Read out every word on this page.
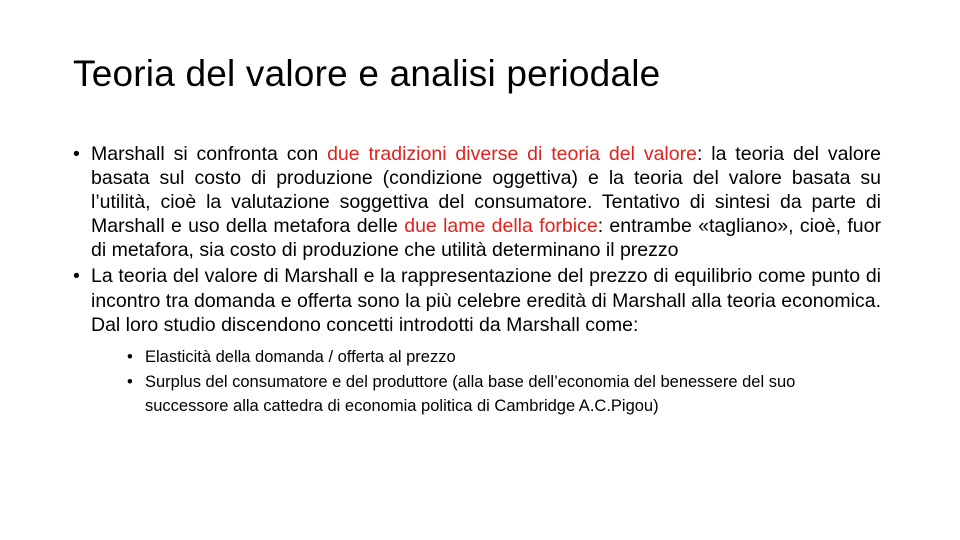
Teoria del valore e analisi periodale
• Marshall si confronta con due tradizioni diverse di teoria del valore: la teoria del valore basata sul costo di produzione (condizione oggettiva) e la teoria del valore basata su l’utilità, cioè la valutazione soggettiva del consumatore. Tentativo di sintesi da parte di Marshall e uso della metafora delle due lame della forbice: entrambe «tagliano», cioè, fuor di metafora, sia costo di produzione che utilità determinano il prezzo
• La teoria del valore di Marshall e la rappresentazione del prezzo di equilibrio come punto di incontro tra domanda e offerta sono la più celebre eredità di Marshall alla teoria economica. Dal loro studio discendono concetti introdotti da Marshall come:
• Elasticità della domanda / offerta al prezzo
• Surplus del consumatore e del produttore (alla base dell’economia del benessere del suo successore alla cattedra di economia politica di Cambridge A.C.Pigou)
